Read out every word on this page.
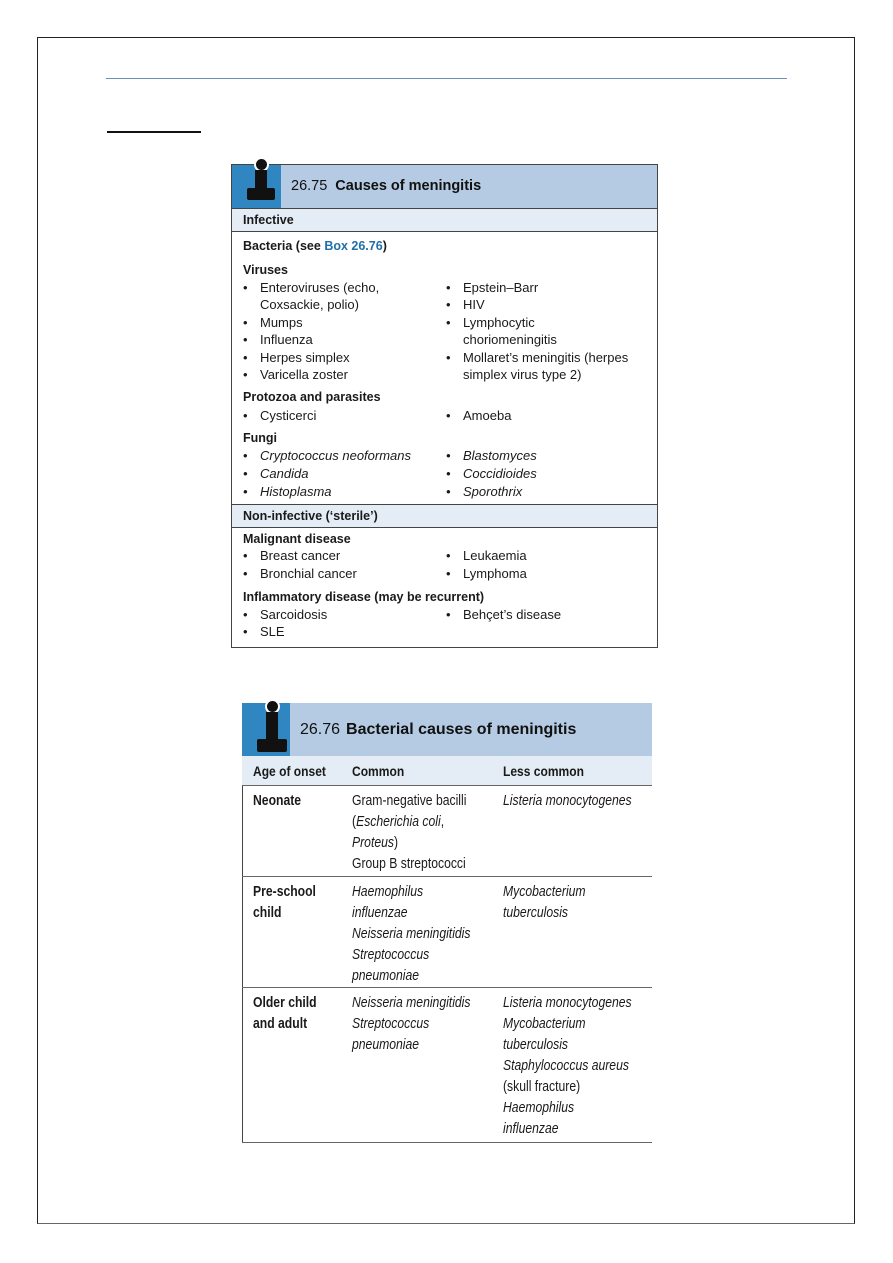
26.75 Causes of meningitis
Infective
Bacteria (see Box 26.76)
Viruses
• Enteroviruses (echo,
Coxsackie, polio)
• Mumps
• Influenza
• Herpes simplex
• Varicella zoster
• Epstein–Barr
• HIV
• Lymphocytic
choriomeningitis
• Mollaret’s meningitis (herpes
simplex virus type 2)
Protozoa and parasites
• Cysticerci
•	Amoeba
Fungi
• Cryptococcus neoformans
• Candida
• Histoplasma
• Blastomyces
• Coccidioides
• Sporothrix
Non-infective (‘sterile’)
Malignant disease
• Breast cancer
• Bronchial cancer
• Leukaemia
• Lymphoma
Inflammatory disease (may be recurrent)
• Sarcoidosis
• SLE
• Behçet’s disease
26.76 Bacterial causes of meningitis
Age of onset Common	Less common
Neonate	Gram-negative bacilli
(Escherichia coli,
Proteus)
Group B streptococci
Listeria monocytogenes
Pre-school
child
Haemophilus
influenzae
Neisseria meningitidis
Streptococcus
pneumoniae
Mycobacterium
tuberculosis
Older child
and adult
Neisseria meningitidis
Streptococcus
pneumoniae
Listeria monocytogenes
Mycobacterium
tuberculosis
Staphylococcus aureus
(skull fracture)
Haemophilus
influenzae
